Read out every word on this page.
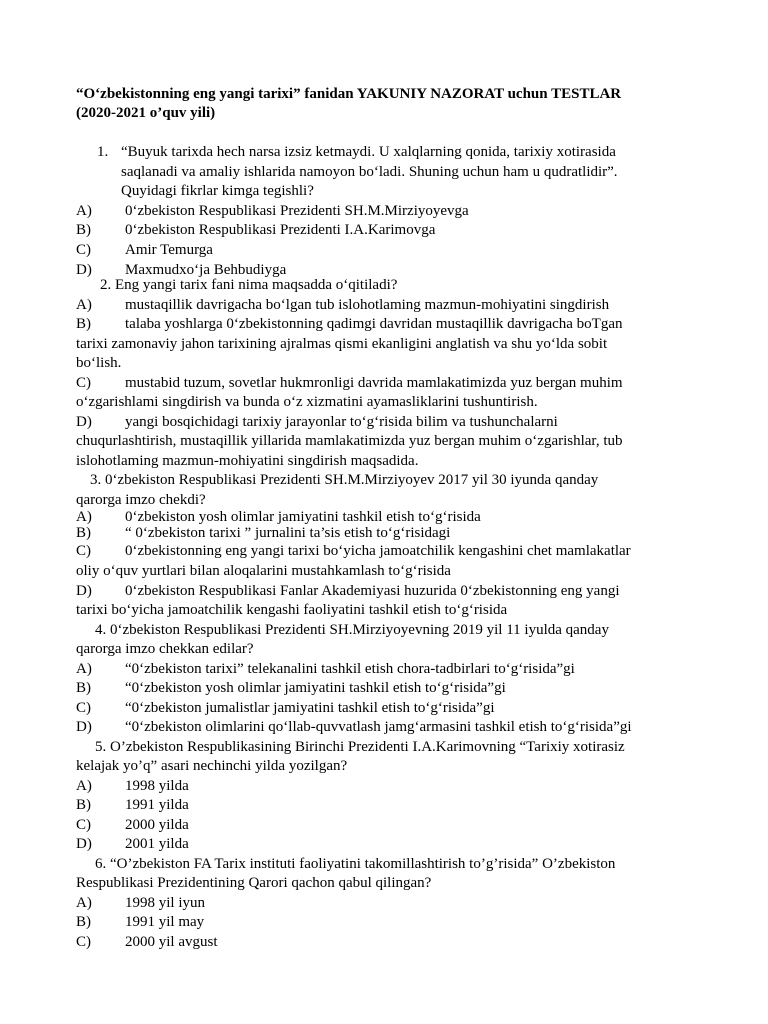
“O‘zbekistonning eng yangi tarixi” fanidan YAKUNIY NAZORAT uchun TESTLAR
(2020-2021 o’quv yili)
1. “Buyuk tarixda hech narsa izsiz ketmaydi. U xalqlarning qonida, tarixiy xotirasida
saqlanadi va amaliy ishlarida namoyon bo‘ladi. Shuning uchun ham u qudratlidir”.
Quyidagi fikrlar kimga tegishli?
A) 0‘zbekiston Respublikasi Prezidenti SH.M.Mirziyoyevga
B) 0‘zbekiston Respublikasi Prezidenti I.A.Karimovga
C) Amir Temurga
D) Maxmudxo‘ja Behbudiyga
2. Eng yangi tarix fani nima maqsadda o‘qitiladi?
A) mustaqillik davrigacha bo‘lgan tub islohotlaming mazmun-mohiyatini singdirish
B) talaba yoshlarga 0‘zbekistonning qadimgi davridan mustaqillik davrigacha boTgan
tarixi zamonaviy jahon tarixining ajralmas qismi ekanligini anglatish va shu yo‘lda sobit
bo‘lish.
C) mustabid tuzum, sovetlar hukmronligi davrida mamlakatimizda yuz bergan muhim
o‘zgarishlami singdirish va bunda o‘z xizmatini ayamasliklarini tushuntirish.
D) yangi bosqichidagi tarixiy jarayonlar to‘g‘risida bilim va tushunchalarni
chuqurlashtirish, mustaqillik yillarida mamlakatimizda yuz bergan muhim o‘zgarishlar, tub
islohotlaming mazmun-mohiyatini singdirish maqsadida.
3. 0‘zbekiston Respublikasi Prezidenti SH.M.Mirziyoyev 2017 yil 30 iyunda qanday
qarorga imzo chekdi?
A) 0‘zbekiston yosh olimlar jamiyatini tashkil etish to‘g‘risida
B) “ 0‘zbekiston tarixi ” jurnalini ta’sis etish to‘g‘risidagi
C) 0‘zbekistonning eng yangi tarixi bo‘yicha jamoatchilik kengashini chet mamlakatlar
oliy o‘quv yurtlari bilan aloqalarini mustahkamlash to‘g‘risida
D) 0‘zbekiston Respublikasi Fanlar Akademiyasi huzurida 0‘zbekistonning eng yangi
tarixi bo‘yicha jamoatchilik kengashi faoliyatini tashkil etish to‘g‘risida
4. 0‘zbekiston Respublikasi Prezidenti SH.Mirziyoyevning 2019 yil 11 iyulda qanday
qarorga imzo chekkan edilar?
A) “0‘zbekiston tarixi” telekanalini tashkil etish chora-tadbirlari to‘g‘risida”gi
B) “0‘zbekiston yosh olimlar jamiyatini tashkil etish to‘g‘risida”gi
C) “0‘zbekiston jumalistlar jamiyatini tashkil etish to‘g‘risida”gi
D) “0‘zbekiston olimlarini qo‘llab-quvvatlash jamg‘armasini tashkil etish to‘g‘risida”gi
5. O’zbekiston Respublikasining Birinchi Prezidenti I.A.Karimovning “Tarixiy xotirasiz
kelajak yo’q” asari nechinchi yilda yozilgan?
A) 1998 yilda
B) 1991 yilda
C) 2000 yilda
D) 2001 yilda
6. “O’zbekiston FA Tarix instituti faoliyatini takomillashtirish to’g’risida” O’zbekiston
Respublikasi Prezidentining Qarori qachon qabul qilingan?
A) 1998 yil iyun
B) 1991 yil may
C) 2000 yil avgust
